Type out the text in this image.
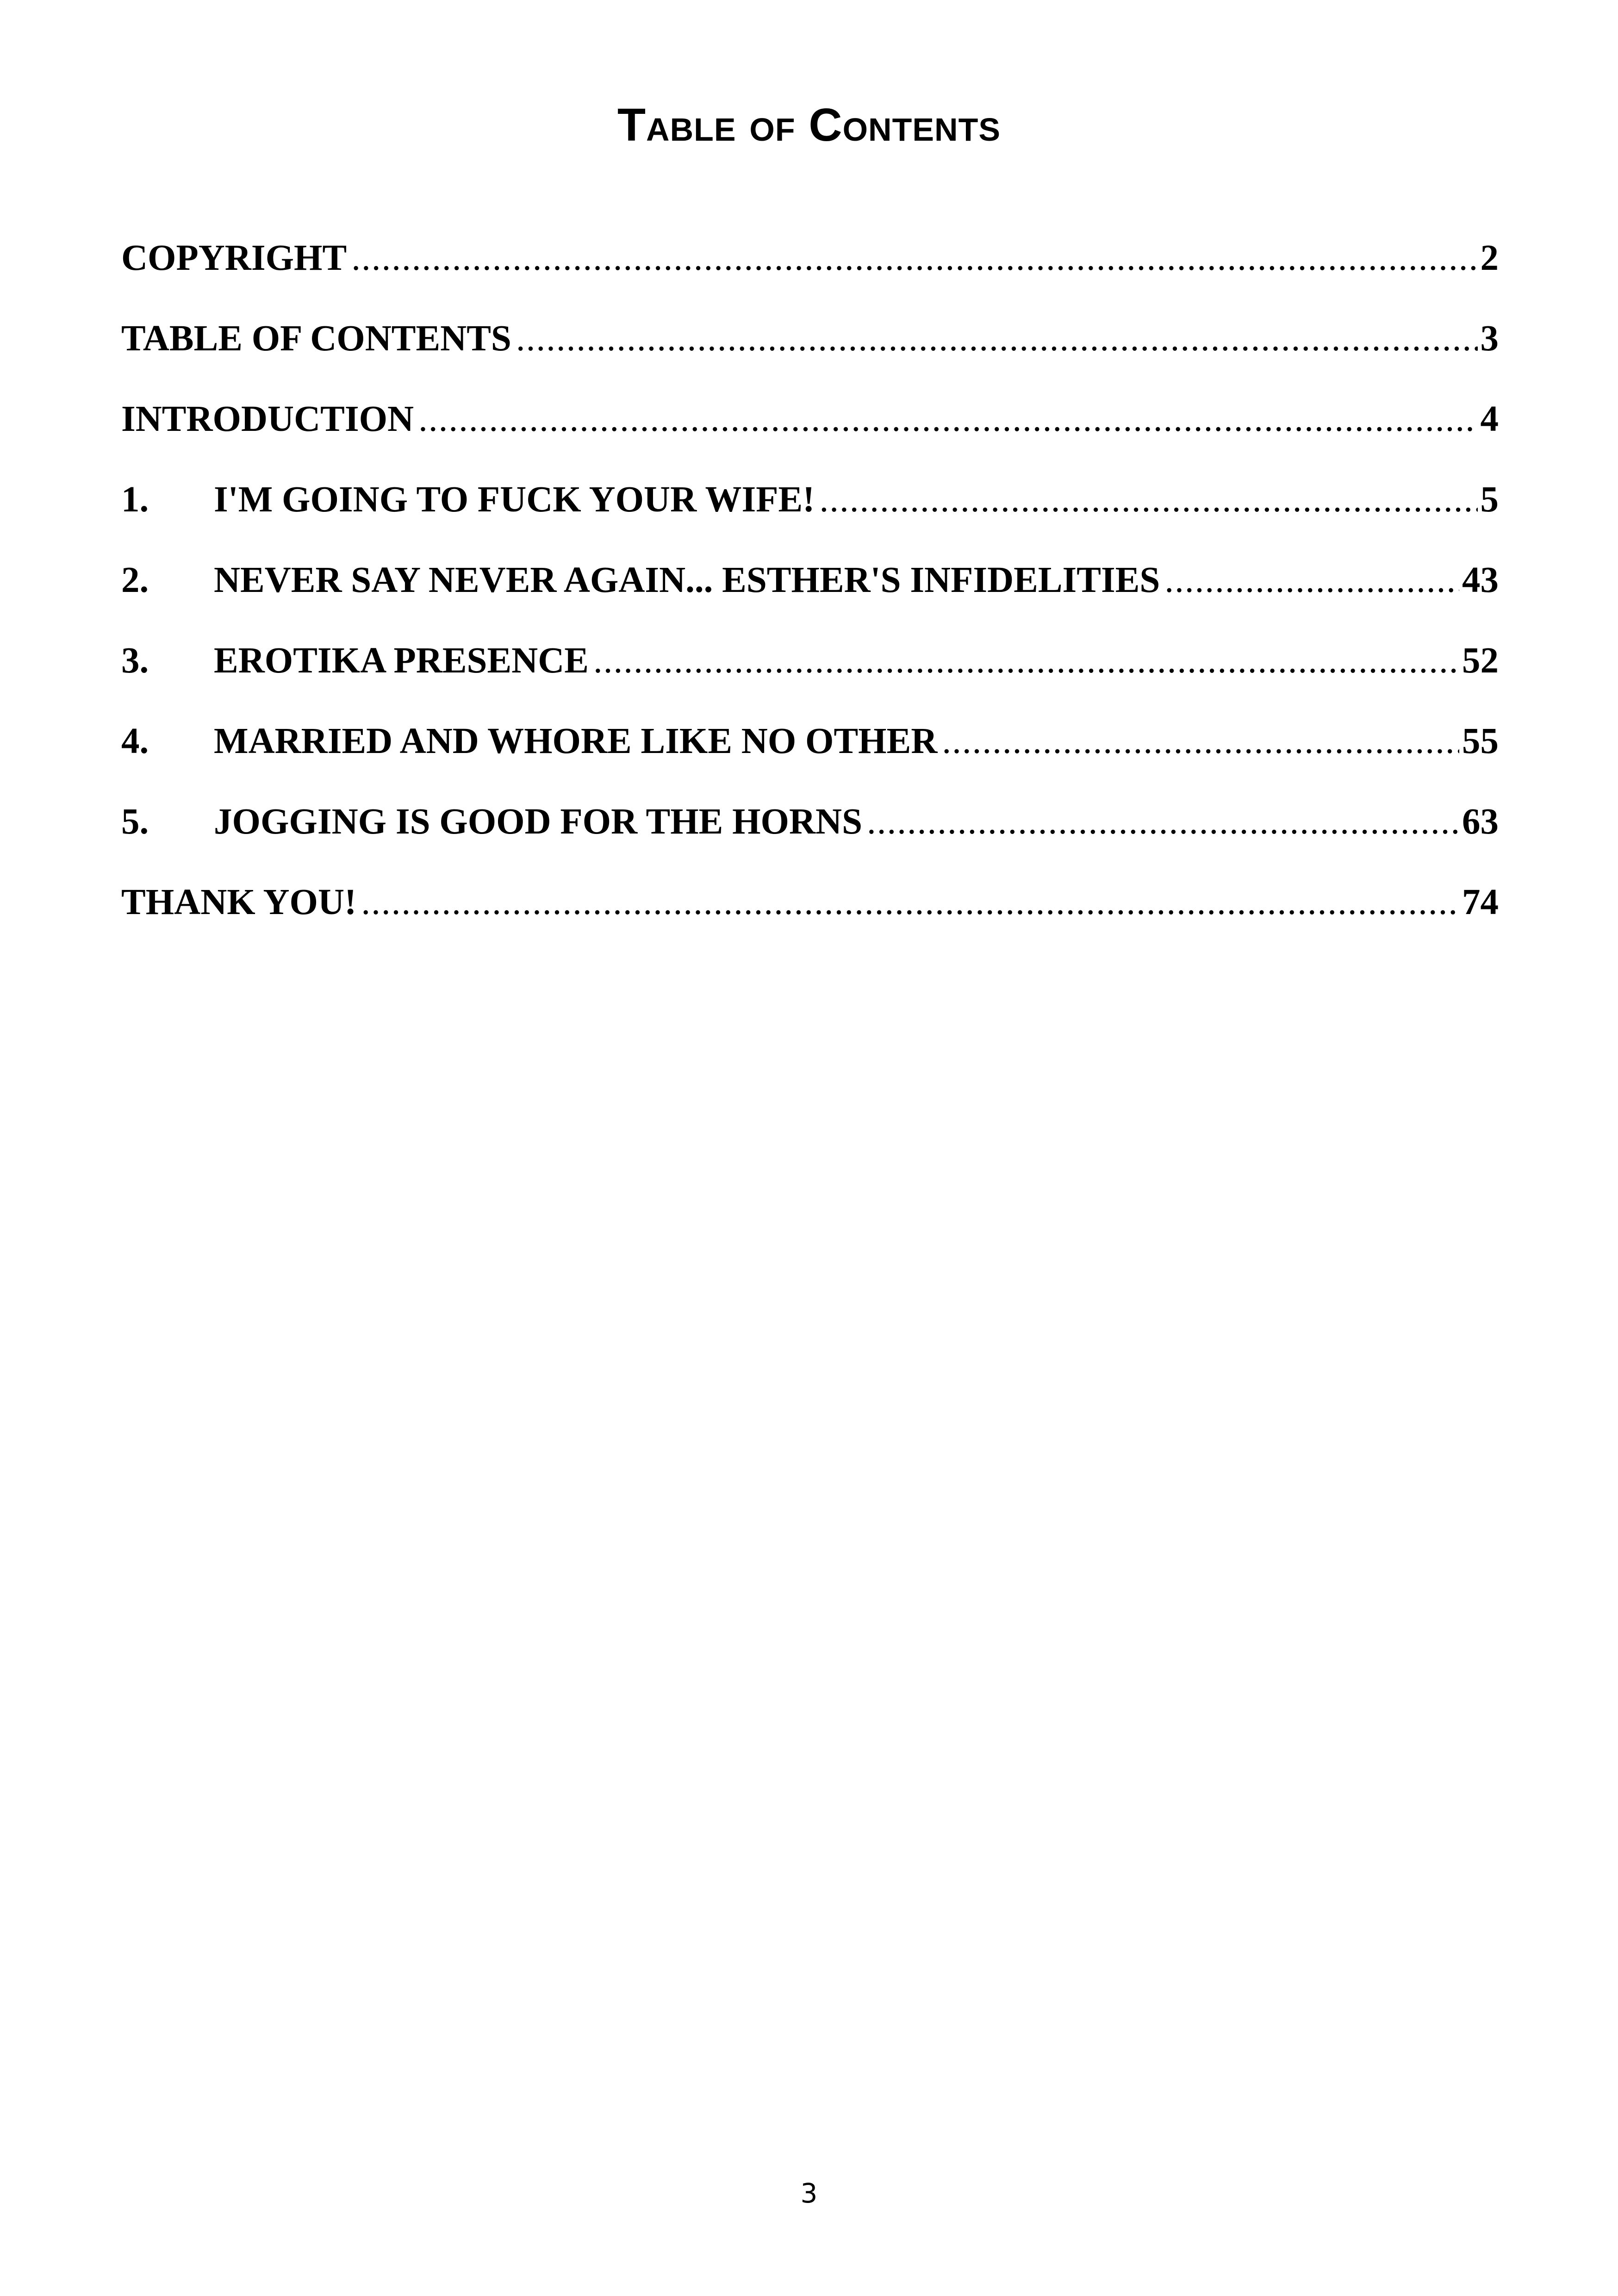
Table of Contents
COPYRIGHT .....	2
TABLE OF CONTENTS .....	3
INTRODUCTION .....	4
1.	I'M GOING TO FUCK YOUR WIFE! .....	5
2.	NEVER SAY NEVER AGAIN... ESTHER'S INFIDELITIES .....	43
3.	EROTIKA PRESENCE .....	52
4.	MARRIED AND WHORE LIKE NO OTHER .....	55
5.	JOGGING IS GOOD FOR THE HORNS .....	63
THANK YOU! .....	74
3
